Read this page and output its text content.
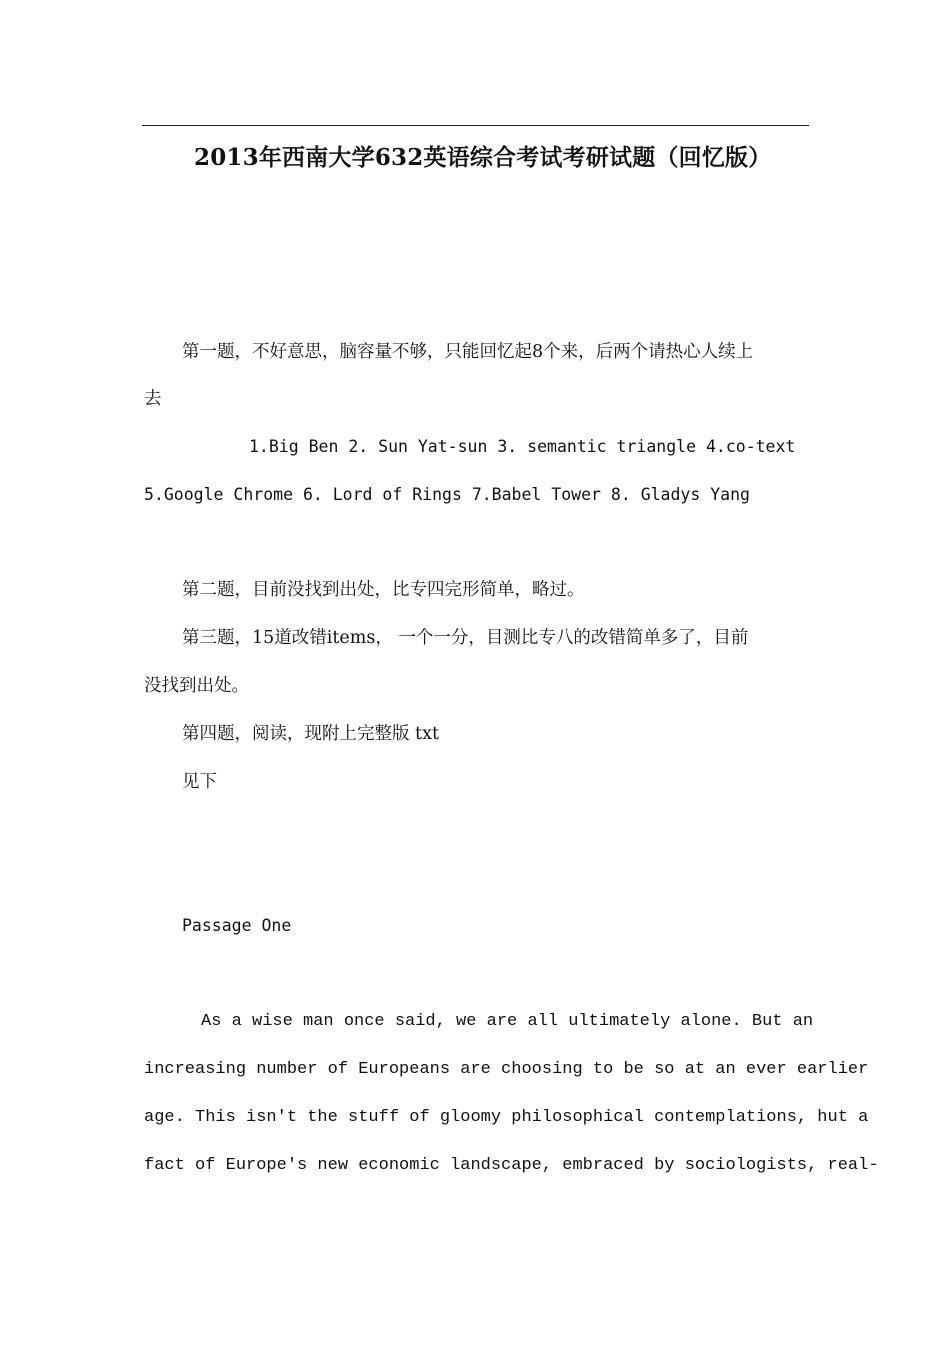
2013年西南大学632英语综合考试考研试题（回忆版）
第一题，不好意思，脑容量不够，只能回忆起8个来，后两个请热心人续上
去
1.Big Ben 2. Sun Yat-sun 3. semantic triangle 4.co-text
5.Google Chrome 6. Lord of Rings 7.Babel Tower 8. Gladys Yang
第二题，目前没找到出处，比专四完形简单，略过。
第三题，15道改错items， 一个一分，目测比专八的改错简单多了，目前
没找到出处。
第四题，阅读，现附上完整版 txt
见下
Passage One
As a wise man once said, we are all ultimately alone. But an
increasing number of Europeans are choosing to be so at an ever earlier
age. This isn't the stuff of gloomy philosophical contemplations, hut a
fact of Europe's new economic landscape, embraced by sociologists, real-
